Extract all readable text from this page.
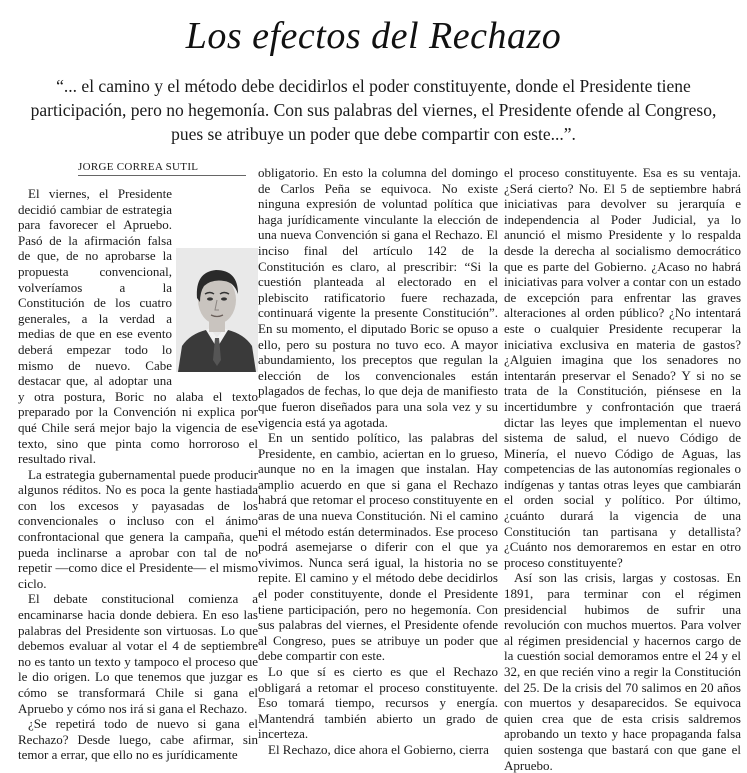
Los efectos del Rechazo
“... el camino y el método debe decidirlos el poder constituyente, donde el Presidente tiene participación, pero no hegemonía. Con sus palabras del viernes, el Presidente ofende al Congreso, pues se atribuye un poder que debe compartir con este...”.
JORGE CORREA SUTIL

El viernes, el Presidente decidió cambiar de estrategia para favorecer el Apruebo. Pasó de la afirmación falsa de que, de no aprobarse la propuesta convencional, volveríamos a la Constitución de los cuatro generales, a la verdad a medias de que en ese evento deberá empezar todo lo mismo de nuevo. Cabe destacar que, al adoptar una y otra postura, Boric no alaba el texto preparado por la Convención ni explica por qué Chile será mejor bajo la vigencia de ese texto, sino que pinta como horroroso el resultado rival.

La estrategia gubernamental puede producir algunos réditos. No es poca la gente hastiada con los excesos y payasadas de los convencionales o incluso con el ánimo confrontacional que genera la campaña, que pueda inclinarse a aprobar con tal de no repetir —como dice el Presidente— el mismo ciclo.

El debate constitucional comienza a encaminarse hacia donde debiera. En eso las palabras del Presidente son virtuosas. Lo que debemos evaluar al votar el 4 de septiembre no es tanto un texto y tampoco el proceso que le dio origen. Lo que tenemos que juzgar es cómo se transformará Chile si gana el Apruebo y cómo nos irá si gana el Rechazo.

¿Se repetirá todo de nuevo si gana el Rechazo? Desde luego, cabe afirmar, sin temor a errar, que ello no es jurídicamente

obligatorio. En esto la columna del domingo de Carlos Peña se equivoca. No existe ninguna expresión de voluntad política que haga jurídicamente vinculante la elección de una nueva Convención si gana el Rechazo. El inciso final del artículo 142 de la Constitución es claro, al prescribir: “Si la cuestión planteada al electorado en el plebiscito ratificatorio fuere rechazada, continuará vigente la presente Constitución”. En su momento, el diputado Boric se opuso a ello, pero su postura no tuvo eco. A mayor abundamiento, los preceptos que regulan la elección de los convencionales están plagados de fechas, lo que deja de manifiesto que fueron diseñados para una sola vez y su vigencia está ya agotada.

En un sentido político, las palabras del Presidente, en cambio, aciertan en lo grueso, aunque no en la imagen que instalan. Hay amplio acuerdo en que si gana el Rechazo habrá que retomar el proceso constituyente en aras de una nueva Constitución. Ni el camino ni el método están determinados. Ese proceso podrá asemejarse o diferir con el que ya vivimos. Nunca será igual, la historia no se repite. El camino y el método debe decidirlos el poder constituyente, donde el Presidente tiene participación, pero no hegemonía. Con sus palabras del viernes, el Presidente ofende al Congreso, pues se atribuye un poder que debe compartir con este.

Lo que sí es cierto es que el Rechazo obligará a retomar el proceso constituyente. Eso tomará tiempo, recursos y energía. Mantendrá también abierto un grado de incerteza.

El Rechazo, dice ahora el Gobierno, cierra

el proceso constituyente. Esa es su ventaja. ¿Será cierto? No. El 5 de septiembre habrá iniciativas para devolver su jerarquía e independencia al Poder Judicial, ya lo anunció el mismo Presidente y lo respalda desde la derecha al socialismo democrático que es parte del Gobierno. ¿Acaso no habrá iniciativas para volver a contar con un estado de excepción para enfrentar las graves alteraciones al orden público? ¿No intentará este o cualquier Presidente recuperar la iniciativa exclusiva en materia de gastos? ¿Alguien imagina que los senadores no intentarán preservar el Senado? Y si no se trata de la Constitución, piénsese en la incertidumbre y confrontación que traerá dictar las leyes que implementan el nuevo sistema de salud, el nuevo Código de Minería, el nuevo Código de Aguas, las competencias de las autonomías regionales o indígenas y tantas otras leyes que cambiarán el orden social y político. Por último, ¿cuánto durará la vigencia de una Constitución tan partisana y detallista? ¿Cuánto nos demoraremos en estar en otro proceso constituyente?

Así son las crisis, largas y costosas. En 1891, para terminar con el régimen presidencial hubimos de sufrir una revolución con muchos muertos. Para volver al régimen presidencial y hacernos cargo de la cuestión social demoramos entre el 24 y el 32, en que recién vino a regir la Constitución del 25. De la crisis del 70 salimos en 20 años con muertos y desaparecidos. Se equivoca quien crea que de esta crisis saldremos aprobando un texto y hace propaganda falsa quien sostenga que bastará con que gane el Apruebo.
